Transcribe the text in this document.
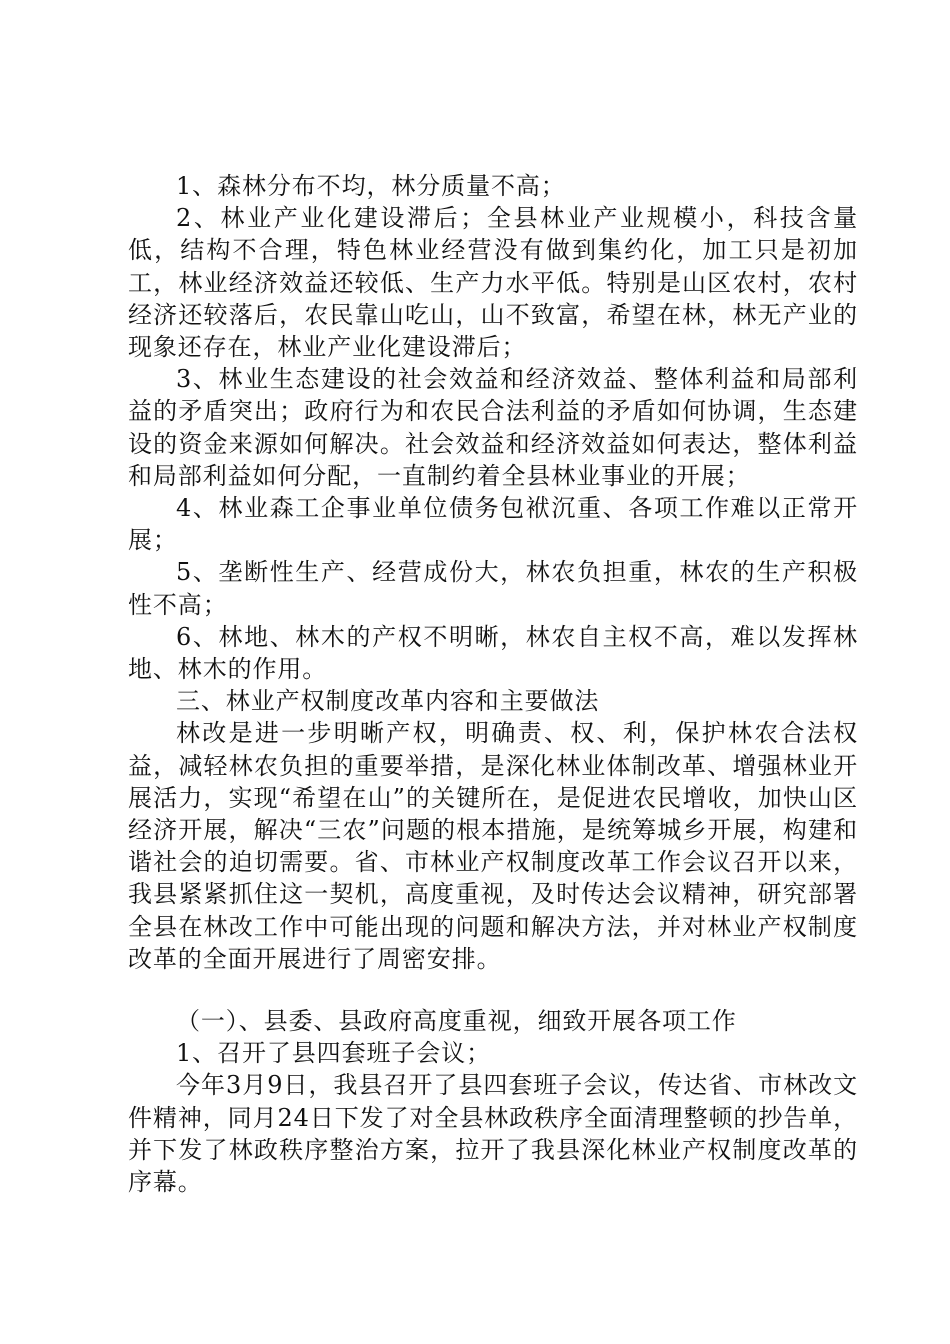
1、森林分布不均，林分质量不高；

2、林业产业化建设滞后；全县林业产业规模小，科技含量低，结构不合理，特色林业经营没有做到集约化，加工只是初加工，林业经济效益还较低、生产力水平低。特别是山区农村，农村经济还较落后，农民靠山吃山，山不致富，希望在林，林无产业的现象还存在，林业产业化建设滞后；

3、林业生态建设的社会效益和经济效益、整体利益和局部利益的矛盾突出；政府行为和农民合法利益的矛盾如何协调，生态建设的资金来源如何解决。社会效益和经济效益如何表达，整体利益和局部利益如何分配，一直制约着全县林业事业的开展；

4、林业森工企事业单位债务包袱沉重、各项工作难以正常开展；

5、垄断性生产、经营成份大，林农负担重，林农的生产积极性不高；

6、林地、林木的产权不明晰，林农自主权不高，难以发挥林地、林木的作用。

三、林业产权制度改革内容和主要做法

林改是进一步明晰产权，明确责、权、利，保护林农合法权益，减轻林农负担的重要举措，是深化林业体制改革、增强林业开展活力，实现“希望在山”的关键所在，是促进农民增收，加快山区经济开展，解决“三农”问题的根本措施，是统筹城乡开展，构建和谐社会的迫切需要。省、市林业产权制度改革工作会议召开以来，我县紧紧抓住这一契机，高度重视，及时传达会议精神，研究部署全县在林改工作中可能出现的问题和解决方法，并对林业产权制度改革的全面开展进行了周密安排。

（一）、县委、县政府高度重视，细致开展各项工作

1、召开了县四套班子会议；

今年3月9日，我县召开了县四套班子会议，传达省、市林改文件精神，同月24日下发了对全县林政秩序全面清理整顿的抄告单，并下发了林政秩序整治方案，拉开了我县深化林业产权制度改革的序幕。
